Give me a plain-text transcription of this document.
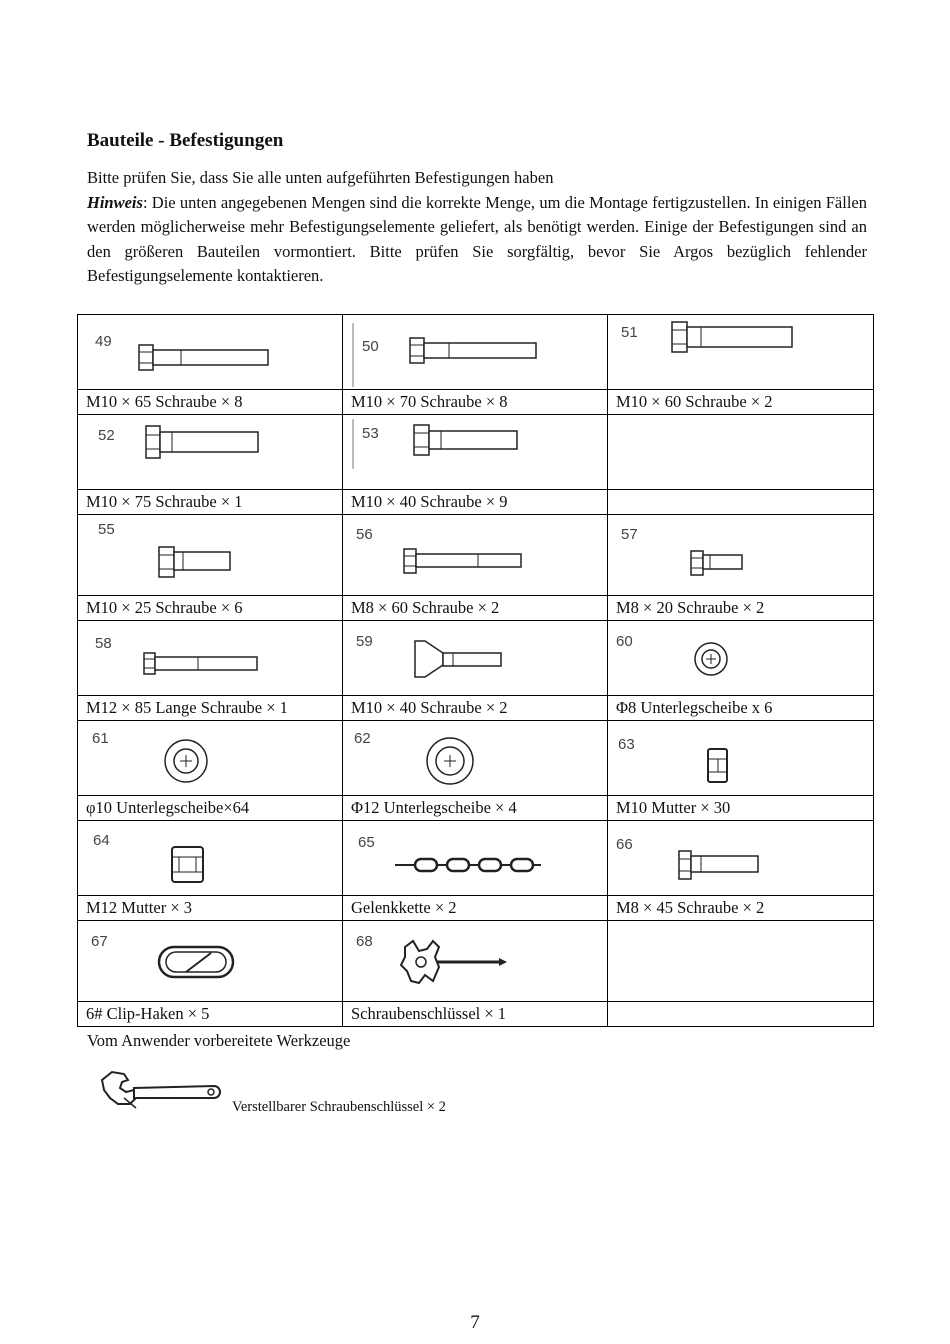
Bauteile - Befestigungen

Bitte prüfen Sie, dass Sie alle unten aufgeführten Befestigungen haben

Hinweis: Die unten angegebenen Mengen sind die korrekte Menge, um die Montage fertigzustellen. In einigen Fällen werden möglicherweise mehr Befestigungselemente geliefert, als benötigt werden. Einige der Befestigungen sind an den größeren Bauteilen vormontiert. Bitte prüfen Sie sorgfältig, bevor Sie Argos bezüglich fehlender Befestigungselemente kontaktieren.

49	50	51

M10 × 65 Schraube × 8	M10 × 70 Schraube × 8	M10 × 60 Schraube × 2

52	53	

M10 × 75 Schraube × 1	M10 × 40 Schraube × 9	

55	56	57

M10 × 25 Schraube × 6	M8 × 60 Schraube × 2	M8 × 20 Schraube × 2

58	59	60

M12 × 85 Lange Schraube × 1	M10 × 40 Schraube × 2	Φ8 Unterlegscheibe x 6

61	62	63

φ10 Unterlegscheibe×64	Φ12 Unterlegscheibe × 4	M10 Mutter × 30

64	65	66

M12 Mutter × 3	Gelenkkette × 2	M8 × 45 Schraube × 2

67	68	

6# Clip-Haken × 5	Schraubenschlüssel × 1	
Vom Anwender vorbereitete Werkzeuge
Verstellbarer Schraubenschlüssel × 2
7
